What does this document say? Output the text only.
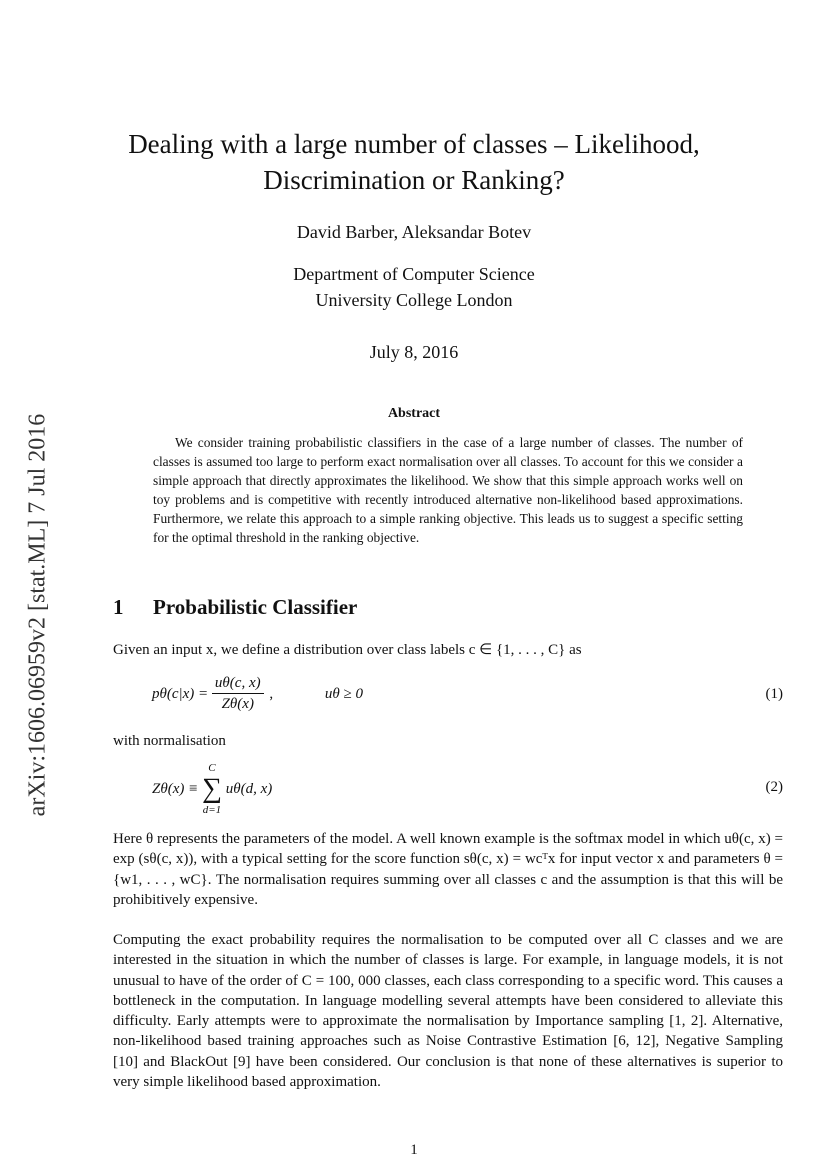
arXiv:1606.06959v2 [stat.ML] 7 Jul 2016
Dealing with a large number of classes – Likelihood,
Discrimination or Ranking?
David Barber, Aleksandar Botev
Department of Computer Science
University College London
July 8, 2016
Abstract
We consider training probabilistic classifiers in the case of a large number of classes. The number of classes is assumed too large to perform exact normalisation over all classes. To account for this we consider a simple approach that directly approximates the likelihood. We show that this simple approach works well on toy problems and is competitive with recently introduced alternative non-likelihood based approximations. Furthermore, we relate this approach to a simple ranking objective. This leads us to suggest a specific setting for the optimal threshold in the ranking objective.
1 Probabilistic Classifier
Given an input x, we define a distribution over class labels c ∈ {1, . . . , C} as
$p\theta(c|x) = \frac{u\theta(c, x)}{Z\theta(x)}$ ,	uθ ≥ 0	(1)
with normalisation
Zθ(x) ≡
C
∑
d=1
uθ(d, x)	(2)
Here θ represents the parameters of the model. A well known example is the softmax model in which uθ(c, x) = exp (sθ(c, x)), with a typical setting for the score function sθ(c, x) = wcᵀx for input vector x and parameters θ = {w1, . . . , wC}. The normalisation requires summing over all classes c and the assumption is that this will be prohibitively expensive.
Computing the exact probability requires the normalisation to be computed over all C classes and we are interested in the situation in which the number of classes is large. For example, in language models, it is not unusual to have of the order of C = 100, 000 classes, each class corresponding to a specific word. This causes a bottleneck in the computation. In language modelling several attempts have been considered to alleviate this difficulty. Early attempts were to approximate the normalisation by Importance sampling [1, 2]. Alternative, non-likelihood based training approaches such as Noise Contrastive Estimation [6, 12], Negative Sampling [10] and BlackOut [9] have been considered. Our conclusion is that none of these alternatives is superior to very simple likelihood based approximation.
1
